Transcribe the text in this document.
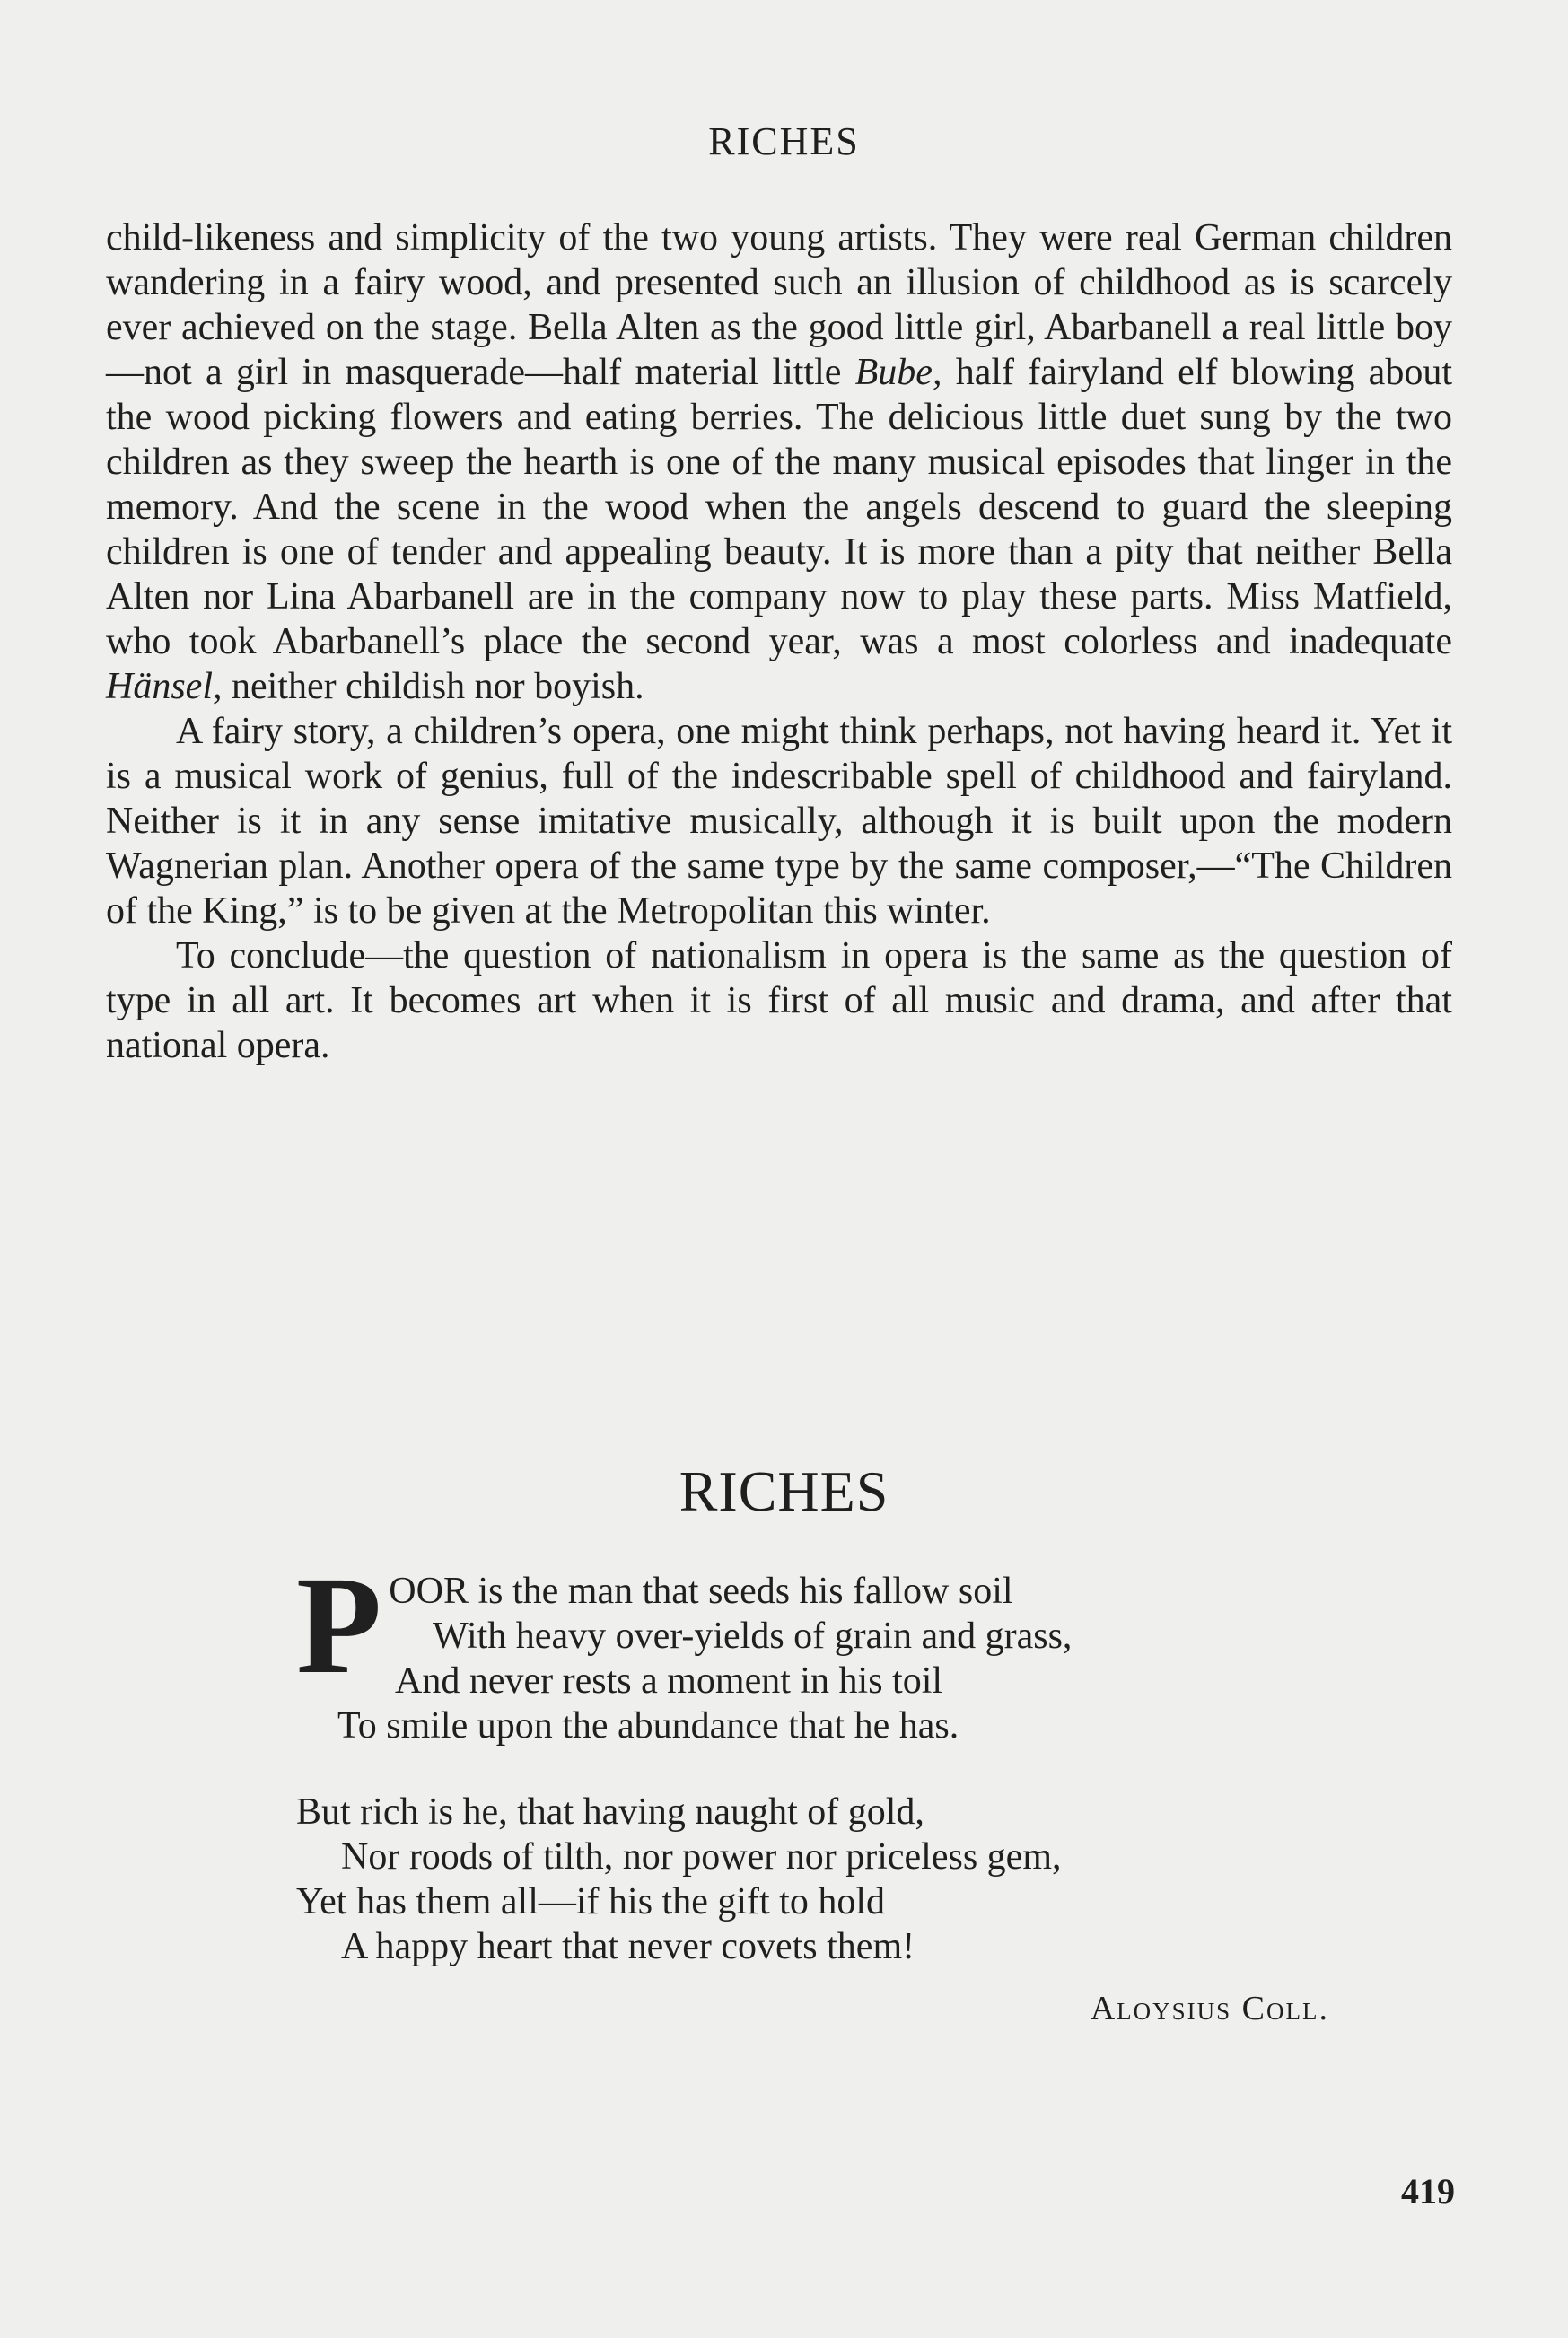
RICHES

child-likeness and simplicity of the two young artists. They were real German children wandering in a fairy wood, and presented such an illusion of childhood as is scarcely ever achieved on the stage. Bella Alten as the good little girl, Abarbanell a real little boy—not a girl in masquerade—half material little Bube, half fairyland elf blowing about the wood picking flowers and eating berries. The delicious little duet sung by the two children as they sweep the hearth is one of the many musical episodes that linger in the memory. And the scene in the wood when the angels descend to guard the sleeping children is one of tender and appealing beauty. It is more than a pity that neither Bella Alten nor Lina Abarbanell are in the company now to play these parts. Miss Matfield, who took Abarbanell’s place the second year, was a most colorless and inadequate Hänsel, neither childish nor boyish.

A fairy story, a children’s opera, one might think perhaps, not having heard it. Yet it is a musical work of genius, full of the indescribable spell of childhood and fairyland. Neither is it in any sense imitative musically, although it is built upon the modern Wagnerian plan. Another opera of the same type by the same composer,—“The Children of the King,” is to be given at the Metropolitan this winter.

To conclude—the question of nationalism in opera is the same as the question of type in all art. It becomes art when it is first of all music and drama, and after that national opera.

RICHES
P OOR is the man that seeds his fallow soil
With heavy over-yields of grain and grass,
And never rests a moment in his toil
To smile upon the abundance that he has.
But rich is he, that having naught of gold,
Nor roods of tilth, nor power nor priceless gem,
Yet has them all—if his the gift to hold
A happy heart that never covets them!
Aloysius Coll.
419
